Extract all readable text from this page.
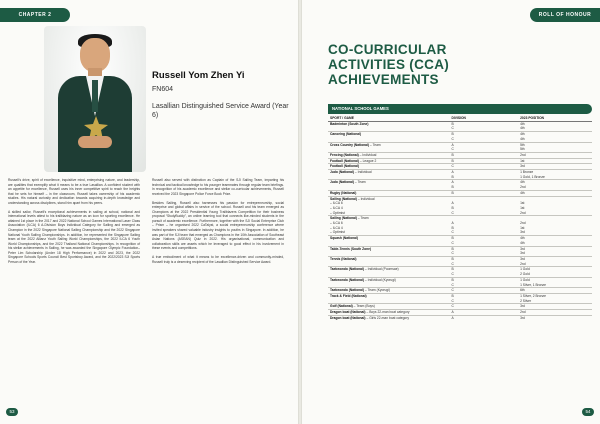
CHAPTER 2

Russell Yom Zhen Yi

FN604

Lasallian Distinguished Service Award (Year 6)

Russell's drive, spirit of excellence, inquisitive mind, enterprising nature, and leadership, are qualities that exemplify what it means to be a true Lasallian. A confident student with an appetite for excellence, Russell uses his inner competitive spirit to reach the heights that he sets for himself – in the classroom, Russell takes ownership of his academic studies. His natural curiosity and dedication towards acquiring in-depth knowledge and understanding across disciplines, stand him apart from his peers.

A skilled sailor, Russell's exceptional achievements in sailing at school, national and international levels attest to his trailblazing nature as an icon for sporting excellence. He attained 1st place in the 2017 and 2022 National School Games International Laser Class Association (ILCA) 6 A-Division Boys Individual Category for Sailing and emerged as Champion in the 2022 Singapore National Sailing Championship and the 2022 Singapore National Youth Sailing Championships. In addition, he represented the Singapore Sailing team at the 2022 Allianz Youth Sailing World Championships, the 2022 ILCA 6 Youth World Championships, and the 2022 Thailand National Championships. In recognition of his stellar achievements in Sailing, he was awarded the Singapore Olympic Foundation–Peter Lim Scholarship (Under 18 High Performance) in 2022 and 2023, the 2022 Singapore Schools Sports Council Best Sportsboy Award, and the 2022/2023 SJI Sports Person of the Year.

Russell also served with distinction as Captain of the SJI Sailing Team, imparting his technical and tactical knowledge to his younger teammates through regular team briefings. In recognition of his academic excellence and stellar co-curricular achievements, Russell received the 2023 Singapore Police Force Book Prize.

Besides Sailing, Russell also harnesses his passion for entrepreneurship, social enterprise and global affairs in service of the school. Russell and his team emerged as Champions at the 2022 Presidential Young Trailblazers Competition for their business proposal “StudyBuddy”, an online learning tool that connects like-minded students in the pursuit of academic excellence. Furthermore, together with the SJI Social Enterprise Club – Prism – he organised 2022 CaTalyst, a social entrepreneurship conference where invited speakers shared valuable industry insights to youths in Singapore. In addition, he was part of the SJI team that emerged as Champions in the 10th Association of Southeast Asian Nations (ASEAN) Quiz in 2022. His organisational, communication and collaboration skills are assets which he leveraged to good effect in his involvement in these events and competitions.

A true embodiment of what it means to be excellence-driven and community-minded, Russell truly is a deserving recipient of the Lasallian Distinguished Service Award.

53
ROLL OF HONOUR
CO-CURRICULAR
ACTIVITIES (CCA)
ACHIEVEMENTS
NATIONAL SCHOOL GAMES
SPORT / GAME	DIVISION	2023 POSITION
Badminton (South Zone)	B	4th
	C	4th
Canoeing (National)	B	4th
	C	4th
Cross Country (National) – Team	A	5th
	C	5th
Fencing (National) – Individual	B	2nd
Football (National) – League 2	B	1st
Football (National)	C	3rd
Judo (National) – Individual	A	1 Bronze
	B	1 Gold, 1 Bronze
Judo (National) – Team	A	4th
	B	2nd
Rugby (National)	B	4th
Sailing (National) – Individual		
– ILCA 6	A	1st
– ILCA 4	B	1st
– Optimist	C	2nd
Sailing (National) – Team		
– ILCA 6	A	2nd
– ILCA 4	B	1st
– Optimist	C	3rd
Squash (National)	B	4th
	C	4th
Table-Tennis (South Zone)	B	3rd
	C	3rd
Tennis (National)	B	3rd
	C	2nd
Taekwondo (National) – Individual (Poomsae)	B	1 Gold
	C	2 Gold
Taekwondo (National) – Individual (Kyorugi)	B	1 Gold
	C	1 Silver, 1 Bronze
Taekwondo (National) – Team (Kyorugi)	C	6th
Track & Field (National)	B	1 Silver, 2 Bronze
	C	2 Silver
Golf (National) – Team (Boys)	C	3rd
Dragon boat (National) – Boys 22-man boat category	A	2nd
Dragon boat (National) – Girls 22-man boat category	A	3rd
54
